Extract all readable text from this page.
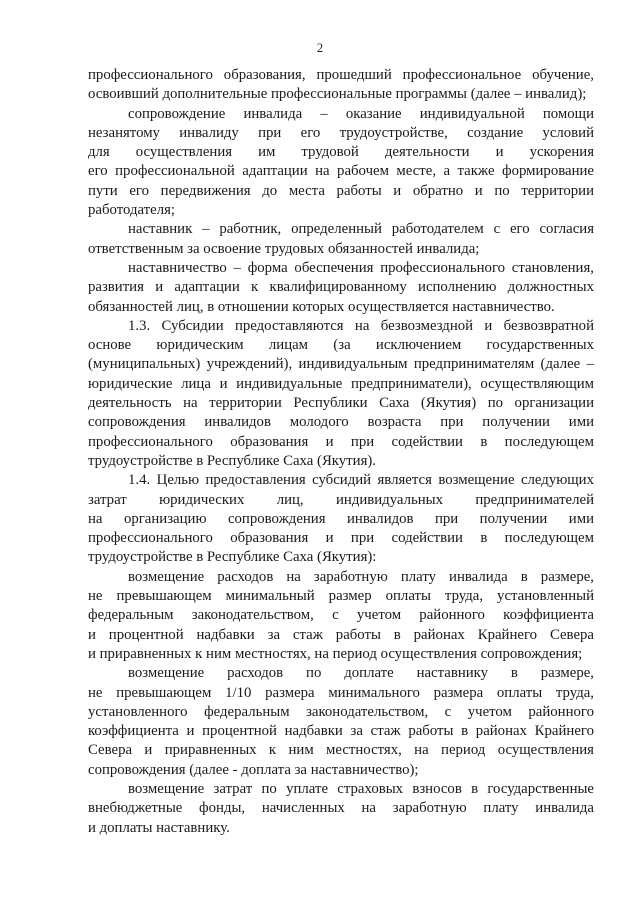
2
профессионального образования, прошедший профессиональное обучение,
освоивший дополнительные профессиональные программы (далее – инвалид);
сопровождение инвалида – оказание индивидуальной помощи
незанятому инвалиду при его трудоустройстве, создание условий
для осуществления им трудовой деятельности и ускорения
его профессиональной адаптации на рабочем месте, а также формирование
пути его передвижения до места работы и обратно и по территории
работодателя;
наставник – работник, определенный работодателем с его согласия
ответственным за освоение трудовых обязанностей инвалида;
наставничество – форма обеспечения профессионального становления,
развития и адаптации к квалифицированному исполнению должностных
обязанностей лиц, в отношении которых осуществляется наставничество.
1.3. Субсидии предоставляются на безвозмездной и безвозвратной
основе юридическим лицам (за исключением государственных
(муниципальных) учреждений), индивидуальным предпринимателям (далее –
юридические лица и индивидуальные предприниматели), осуществляющим
деятельность на территории Республики Саха (Якутия) по организации
сопровождения инвалидов молодого возраста при получении ими
профессионального образования и при содействии в последующем
трудоустройстве в Республике Саха (Якутия).
1.4. Целью предоставления субсидий является возмещение следующих
затрат юридических лиц, индивидуальных предпринимателей
на организацию сопровождения инвалидов при получении ими
профессионального образования и при содействии в последующем
трудоустройстве в Республике Саха (Якутия):
возмещение расходов на заработную плату инвалида в размере,
не превышающем минимальный размер оплаты труда, установленный
федеральным законодательством, с учетом районного коэффициента
и процентной надбавки за стаж работы в районах Крайнего Севера
и приравненных к ним местностях, на период осуществления сопровождения;
возмещение расходов по доплате наставнику в размере,
не превышающем 1/10 размера минимального размера оплаты труда,
установленного федеральным законодательством, с учетом районного
коэффициента и процентной надбавки за стаж работы в районах Крайнего
Севера и приравненных к ним местностях, на период осуществления
сопровождения (далее - доплата за наставничество);
возмещение затрат по уплате страховых взносов в государственные
внебюджетные фонды, начисленных на заработную плату инвалида
и доплаты наставнику.
